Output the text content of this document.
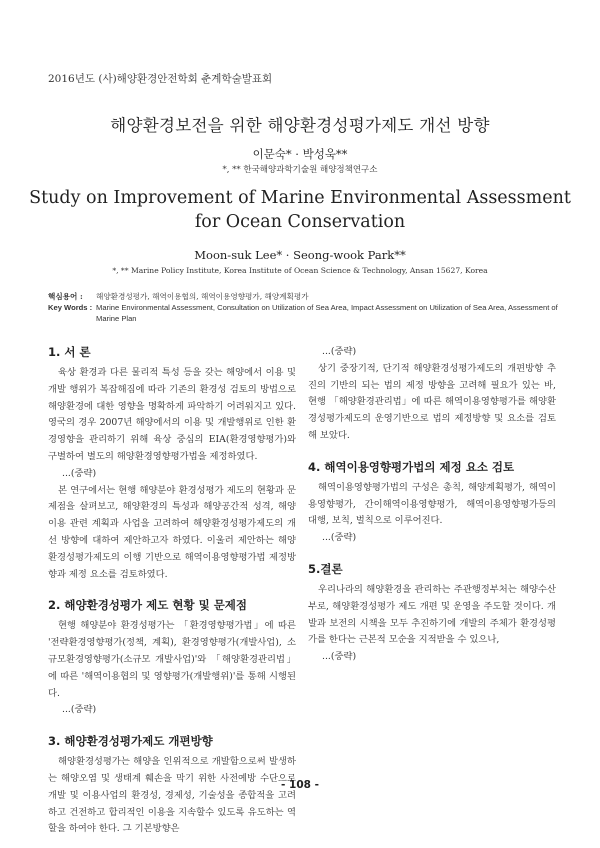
2016년도 (사)해양환경안전학회 춘계학술발표회
해양환경보전을 위한 해양환경성평가제도 개선 방향
이문숙* · 박성욱**
*, ** 한국해양과학기술원 해양정책연구소
Study on Improvement of Marine Environmental Assessment
for Ocean Conservation
Moon-suk Lee* · Seong-wook Park**
*, ** Marine Policy Institute, Korea Institute of Ocean Science & Technology, Ansan 15627, Korea
핵심용어 :	해양환경성평가, 해역이용협의, 해역이용영향평가, 해양계획평가
Key Words : Marine Environmental Assessment, Consultation on Utilization of Sea Area, Impact Assessment on Utilization of Sea Area, Assessment of Marine Plan
1. 서 론

육상 환경과 다른 물리적 특성 등을 갖는 해양에서 이용 및 개발 행위가 복잡해짐에 따라 기존의 환경성 검토의 방법으로 해양환경에 대한 영향을 명확하게 파악하기 어려워지고 있다. 영국의 경우 2007년 해양에서의 이용 및 개발행위로 인한 환경영향을 관리하기 위해 육상 중심의 EIA(환경영향평가)와 구별하여 별도의 해양환경영향평가법을 제정하였다.

...(중략)

본 연구에서는 현행 해양분야 환경성평가 제도의 현황과 문제점을 살펴보고, 해양환경의 특성과 해양공간적 성격, 해양이용 관련 계획과 사업을 고려하여 해양환경성평가제도의 개선 방향에 대하여 제안하고자 하였다. 이울러 제안하는 해양환경성평가제도의 이행 기반으로 해역이용영향평가법 제정방향과 제정 요소를 검토하였다.

2. 해양환경성평가 제도 현황 및 문제점

현행 해양분야 환경성평가는 「환경영향평가법」에 따른 '전략환경영향평가(정책, 계획), 환경영향평가(개발사업), 소규모환경영향평가(소규모 개발사업)'와 「해양환경관리법」에 따른 '해역이용협의 및 영향평가(개발행위)'를 통해 시행된다.

...(중략)

3. 해양환경성평가제도 개편방향

해양환경성평가는 해양을 인위적으로 개발함으로써 발생하는 해양오염 및 생태계 훼손을 막기 위한 사전예방 수단으로 개발 및 이용사업의 환경성, 경제성, 기술성을 종합적을 고려하고 건전하고 합리적인 이용을 지속할수 있도록 유도하는 역할을 하여야 한다. 그 기본방향은

...(중략)

상기 중장기적, 단기적 해양환경성평가제도의 개편방향 추진의 기반의 되는 법의 제정 방향을 고려해 필요가 있는 바, 현행 「해양환경관리법」에 따른 해역이용영향평가를 해양환경성평가제도의 운영기반으로 법의 제정방향 및 요소를 검토해 보았다.

4. 해역이용영향평가법의 제정 요소 검토

해역이용영향평가법의 구성은 총칙, 해양계획평가, 해역이용영향평가, 간이해역이용영향평가, 해역이용영향평가등의 대행, 보칙, 벌칙으로 이루어진다.

...(중략)

5.결론

우리나라의 해양환경을 관리하는 주관행정부처는 해양수산부로, 해양환경성평가 제도 개편 및 운영을 주도할 것이다. 개발과 보전의 시책을 모두 추진하기에 개발의 주체가 환경성평가를 한다는 근본적 모순을 지적받을 수 있으나,

...(중략)

- 108 -
